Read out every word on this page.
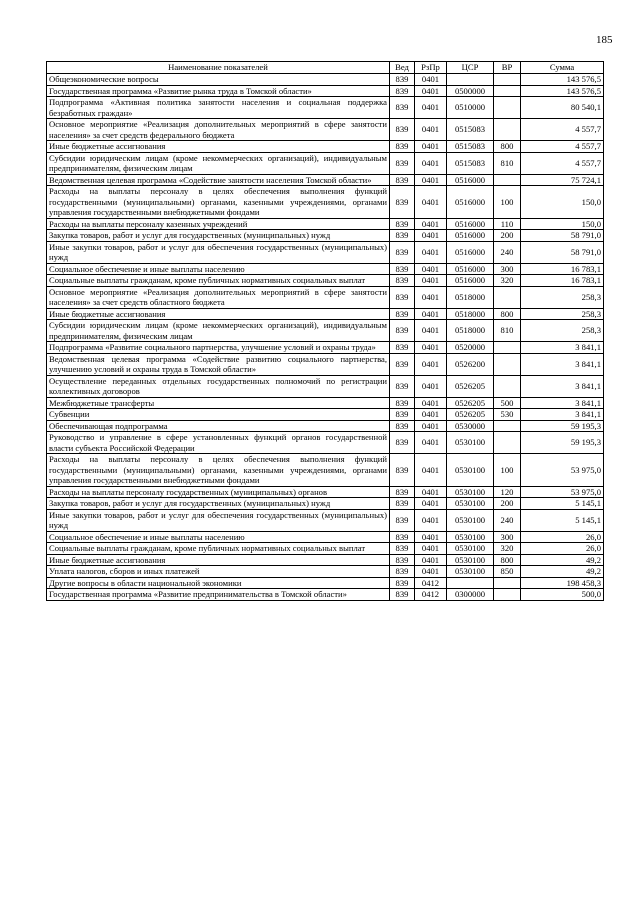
185
Наименование показателей	Вед	РзПр	ЦСР	ВР	Сумма
Общеэкономические вопросы	839	0401			143 576,5
Государственная программа «Развитие рынка труда в Томской области»	839	0401	0500000		143 576,5
Подпрограмма «Активная политика занятости населения и социальная поддержка безработных граждан»	839	0401	0510000		80 540,1
Основное мероприятие «Реализация дополнительных мероприятий в сфере занятости населения» за счет средств федерального бюджета	839	0401	0515083		4 557,7
Иные бюджетные ассигнования	839	0401	0515083	800	4 557,7
Субсидии юридическим лицам (кроме некоммерческих организаций), индивидуальным предпринимателям, физическим лицам	839	0401	0515083	810	4 557,7
Ведомственная целевая программа «Содействие занятости населения Томской области»	839	0401	0516000		75 724,1
Расходы на выплаты персоналу в целях обеспечения выполнения функций государственными (муниципальными) органами, казенными учреждениями, органами управления государственными внебюджетными фондами	839	0401	0516000	100	150,0
Расходы на выплаты персоналу казенных учреждений	839	0401	0516000	110	150,0
Закупка товаров, работ и услуг для государственных (муниципальных) нужд	839	0401	0516000	200	58 791,0
Иные закупки товаров, работ и услуг для обеспечения государственных (муниципальных) нужд	839	0401	0516000	240	58 791,0
Социальное обеспечение и иные выплаты населению	839	0401	0516000	300	16 783,1
Социальные выплаты гражданам, кроме публичных нормативных социальных выплат	839	0401	0516000	320	16 783,1
Основное мероприятие «Реализация дополнительных мероприятий в сфере занятости населения» за счет средств областного бюджета	839	0401	0518000		258,3
Иные бюджетные ассигнования	839	0401	0518000	800	258,3
Субсидии юридическим лицам (кроме некоммерческих организаций), индивидуальным предпринимателям, физическим лицам	839	0401	0518000	810	258,3
Подпрограмма «Развитие социального партнерства, улучшение условий и охраны труда»	839	0401	0520000		3 841,1
Ведомственная целевая программа «Содействие развитию социального партнерства, улучшению условий и охраны труда в Томской области»	839	0401	0526200		3 841,1
Осуществление переданных отдельных государственных полномочий по регистрации коллективных договоров	839	0401	0526205		3 841,1
Межбюджетные трансферты	839	0401	0526205	500	3 841,1
Субвенции	839	0401	0526205	530	3 841,1
Обеспечивающая подпрограмма	839	0401	0530000		59 195,3
Руководство и управление в сфере установленных функций органов государственной власти субъекта Российской Федерации	839	0401	0530100		59 195,3
Расходы на выплаты персоналу в целях обеспечения выполнения функций государственными (муниципальными) органами, казенными учреждениями, органами управления государственными внебюджетными фондами	839	0401	0530100	100	53 975,0
Расходы на выплаты персоналу государственных (муниципальных) органов	839	0401	0530100	120	53 975,0
Закупка товаров, работ и услуг для государственных (муниципальных) нужд	839	0401	0530100	200	5 145,1
Иные закупки товаров, работ и услуг для обеспечения государственных (муниципальных) нужд	839	0401	0530100	240	5 145,1
Социальное обеспечение и иные выплаты населению	839	0401	0530100	300	26,0
Социальные выплаты гражданам, кроме публичных нормативных социальных выплат	839	0401	0530100	320	26,0
Иные бюджетные ассигнования	839	0401	0530100	800	49,2
Уплата налогов, сборов и иных платежей	839	0401	0530100	850	49,2
Другие вопросы в области национальной экономики	839	0412			198 458,3
Государственная программа «Развитие предпринимательства в Томской области»	839	0412	0300000		500,0
